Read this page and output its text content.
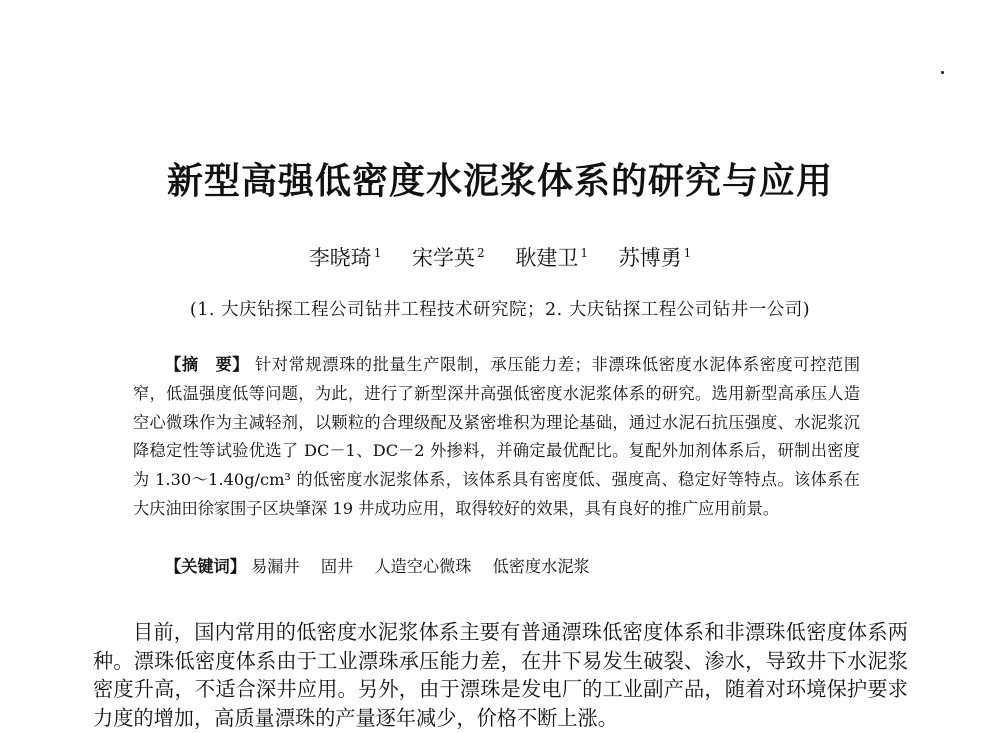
新型高强低密度水泥浆体系的研究与应用
李晓琦 $^1$ 宋学英 $^2$ 耿建卫 $^1$ 苏博勇 $^1$
(1. 大庆钻探工程公司钻井工程技术研究院；2. 大庆钻探工程公司钻井一公司)

【摘　要】 针对常规漂珠的批量生产限制，承压能力差；非漂珠低密度水泥体系密度可控范围窄，低温强度低等问题，为此，进行了新型深井高强低密度水泥浆体系的研究。选用新型高承压人造空心微珠作为主减轻剂，以颗粒的合理级配及紧密堆积为理论基础，通过水泥石抗压强度、水泥浆沉降稳定性等试验优选了 DC－1、DC－2 外掺料，并确定最优配比。复配外加剂体系后，研制出密度为 1.30～1.40g/cm³ 的低密度水泥浆体系，该体系具有密度低、强度高、稳定好等特点。该体系在大庆油田徐家围子区块肇深 19 井成功应用，取得较好的效果，具有良好的推广应用前景。

【关键词】 易漏井 固井 人造空心微珠 低密度水泥浆

目前，国内常用的低密度水泥浆体系主要有普通漂珠低密度体系和非漂珠低密度体系两种。漂珠低密度体系由于工业漂珠承压能力差，在井下易发生破裂、渗水，导致井下水泥浆密度升高，不适合深井应用。另外，由于漂珠是发电厂的工业副产品，随着对环境保护要求力度的增加，高质量漂珠的产量逐年减少，价格不断上涨。
